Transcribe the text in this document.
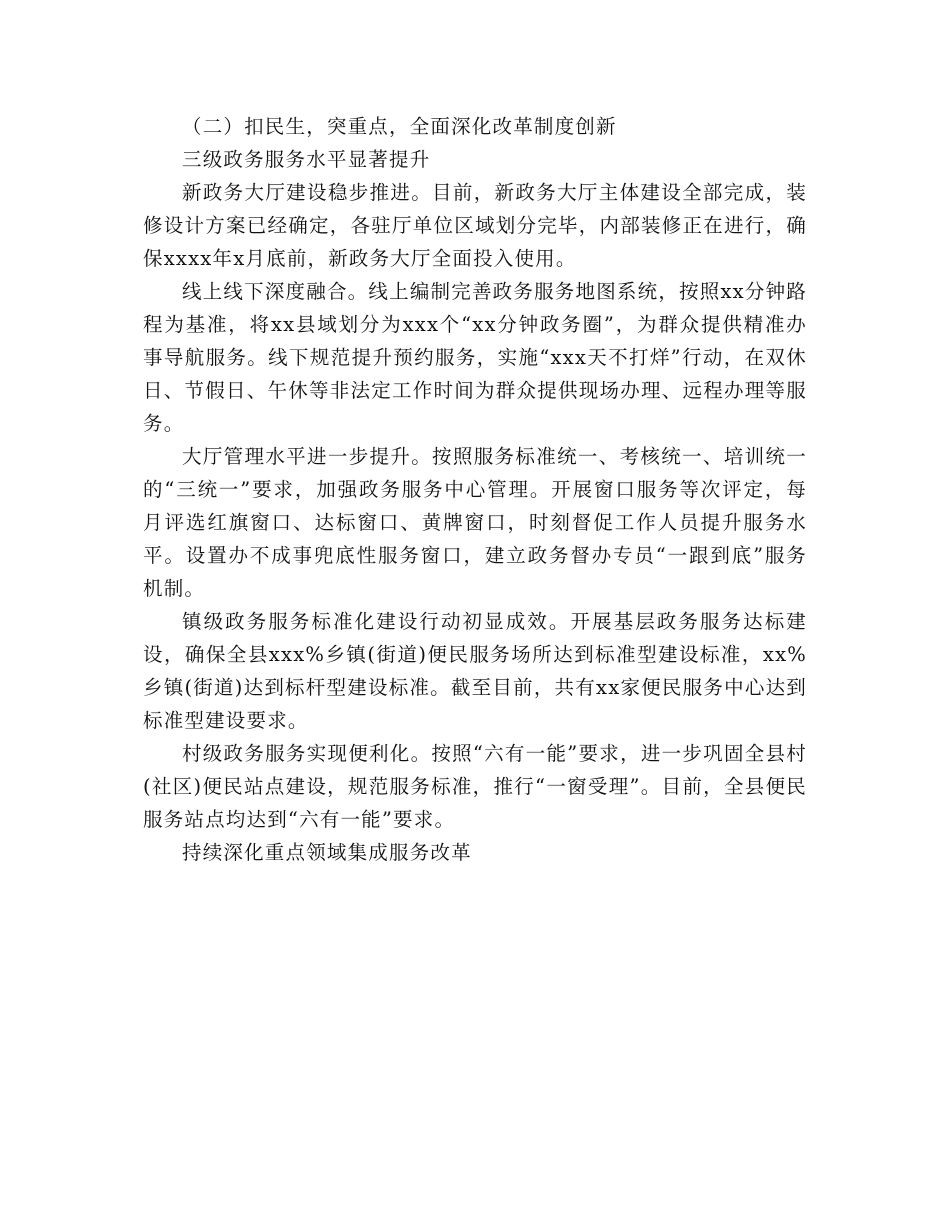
（二）扣民生，突重点，全面深化改革制度创新

三级政务服务水平显著提升

新政务大厅建设稳步推进。目前，新政务大厅主体建设全部完成，装修设计方案已经确定，各驻厅单位区域划分完毕，内部装修正在进行，确保xxxx年x月底前，新政务大厅全面投入使用。

线上线下深度融合。线上编制完善政务服务地图系统，按照xx分钟路程为基准，将xx县域划分为xxx个“xx分钟政务圈”，为群众提供精准办事导航服务。线下规范提升预约服务，实施“xxx天不打烊”行动，在双休日、节假日、午休等非法定工作时间为群众提供现场办理、远程办理等服务。

大厅管理水平进一步提升。按照服务标准统一、考核统一、培训统一的“三统一”要求，加强政务服务中心管理。开展窗口服务等次评定，每月评选红旗窗口、达标窗口、黄牌窗口，时刻督促工作人员提升服务水平。设置办不成事兜底性服务窗口，建立政务督办专员“一跟到底”服务机制。

镇级政务服务标准化建设行动初显成效。开展基层政务服务达标建设，确保全县xxx%乡镇(街道)便民服务场所达到标准型建设标准，xx%乡镇(街道)达到标杆型建设标准。截至目前，共有xx家便民服务中心达到标准型建设要求。

村级政务服务实现便利化。按照“六有一能”要求，进一步巩固全县村(社区)便民站点建设，规范服务标准，推行“一窗受理”。目前，全县便民服务站点均达到“六有一能”要求。

持续深化重点领域集成服务改革
